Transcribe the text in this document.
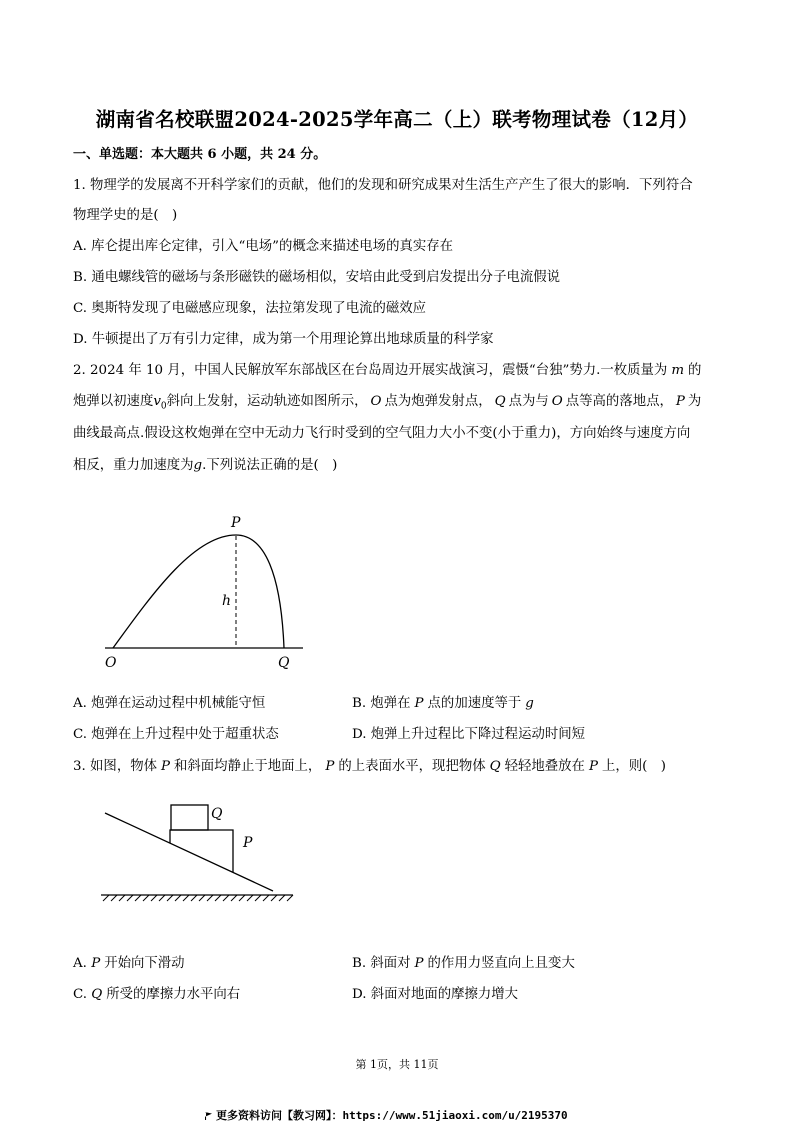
湖南省名校联盟2024-2025学年高二（上）联考物理试卷（12月）
一、单选题：本大题共 6 小题，共 24 分。
1. 物理学的发展离不开科学家们的贡献，他们的发现和研究成果对生活生产产生了很大的影响．下列符合
物理学史的是(　)
A. 库仑提出库仑定律，引入“电场”的概念来描述电场的真实存在
B. 通电螺线管的磁场与条形磁铁的磁场相似，安培由此受到启发提出分子电流假说
C. 奥斯特发现了电磁感应现象，法拉第发现了电流的磁效应
D. 牛顿提出了万有引力定律，成为第一个用理论算出地球质量的科学家
2. 2024 年 10 月，中国人民解放军东部战区在台岛周边开展实战演习，震慑“台独”势力.一枚质量为 m 的
炮弹以初速度$v_0$斜向上发射，运动轨迹如图所示， O 点为炮弹发射点， Q 点为与 O 点等高的落地点， P 为
曲线最高点.假设这枚炮弹在空中无动力飞行时受到的空气阻力大小不变(小于重力)，方向始终与速度方向
相反，重力加速度为g.下列说法正确的是(　)
P
h
O	Q
A. 炮弹在运动过程中机械能守恒	B. 炮弹在 P 点的加速度等于 g
C. 炮弹在上升过程中处于超重状态	D. 炮弹上升过程比下降过程运动时间短
3. 如图，物体 P 和斜面均静止于地面上， P 的上表面水平，现把物体 Q 轻轻地叠放在 P 上，则(　)
Q
P
A. P 开始向下滑动	B. 斜面对 P 的作用力竖直向上且变大
C. Q 所受的摩擦力水平向右	D. 斜面对地面的摩擦力增大
第 1页，共 11页
更多资料访问【教习网】：https://www.51jiaoxi.com/u/2195370
